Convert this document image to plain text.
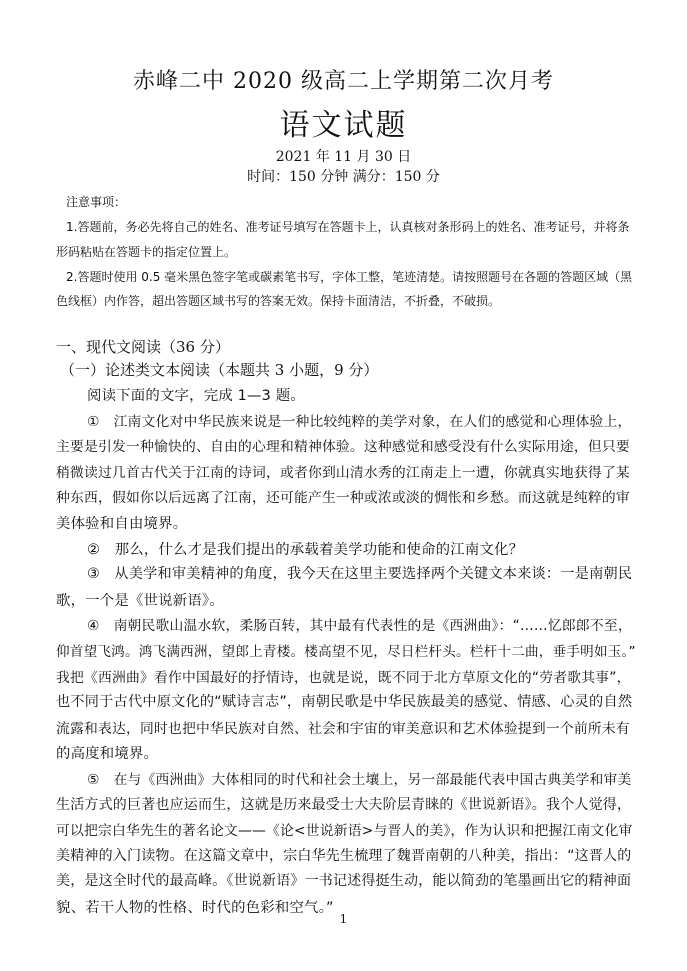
赤峰二中 2020 级高二上学期第二次月考
语文试题
2021 年 11 月 30 日
时间：150 分钟 满分：150 分
注意事项：
1.答题前，务必先将自己的姓名、准考证号填写在答题卡上，认真核对条形码上的姓名、准考证号，并将条
形码粘贴在答题卡的指定位置上。
2.答题时使用 0.5 毫米黑色签字笔或碳素笔书写，字体工整，笔迹清楚。请按照题号在各题的答题区域（黑
色线框）内作答，超出答题区域书写的答案无效。保持卡面清洁，不折叠，不破损。
一、现代文阅读（36 分）
（一）论述类文本阅读（本题共 3 小题，9 分）
阅读下面的文字，完成 1—3 题。
①　江南文化对中华民族来说是一种比较纯粹的美学对象，在人们的感觉和心理体验上，
主要是引发一种愉快的、自由的心理和精神体验。这种感觉和感受没有什么实际用途，但只要
稍微读过几首古代关于江南的诗词，或者你到山清水秀的江南走上一遭，你就真实地获得了某
种东西，假如你以后远离了江南，还可能产生一种或浓或淡的惆怅和乡愁。而这就是纯粹的审
美体验和自由境界。
②　那么，什么才是我们提出的承载着美学功能和使命的江南文化？
③　从美学和审美精神的角度，我今天在这里主要选择两个关键文本来谈：一是南朝民
歌，一个是《世说新语》。
④　南朝民歌山温水软，柔肠百转，其中最有代表性的是《西洲曲》：“……忆郎郎不至，
仰首望飞鸿。鸿飞满西洲，望郎上青楼。楼高望不见，尽日栏杆头。栏杆十二曲，垂手明如玉。”
我把《西洲曲》看作中国最好的抒情诗，也就是说，既不同于北方草原文化的“劳者歌其事”，
也不同于古代中原文化的“赋诗言志”，南朝民歌是中华民族最美的感觉、情感、心灵的自然
流露和表达，同时也把中华民族对自然、社会和宇宙的审美意识和艺术体验提到一个前所未有
的高度和境界。
⑤　在与《西洲曲》大体相同的时代和社会土壤上，另一部最能代表中国古典美学和审美
生活方式的巨著也应运而生，这就是历来最受士大夫阶层青睐的《世说新语》。我个人觉得，
可以把宗白华先生的著名论文——《论<世说新语>与晋人的美》，作为认识和把握江南文化审
美精神的入门读物。在这篇文章中，宗白华先生梳理了魏晋南朝的八种美，指出：“这晋人的
美，是这全时代的最高峰。《世说新语》一书记述得挺生动，能以简劲的笔墨画出它的精神面
貌、若干人物的性格、时代的色彩和空气。”
1
